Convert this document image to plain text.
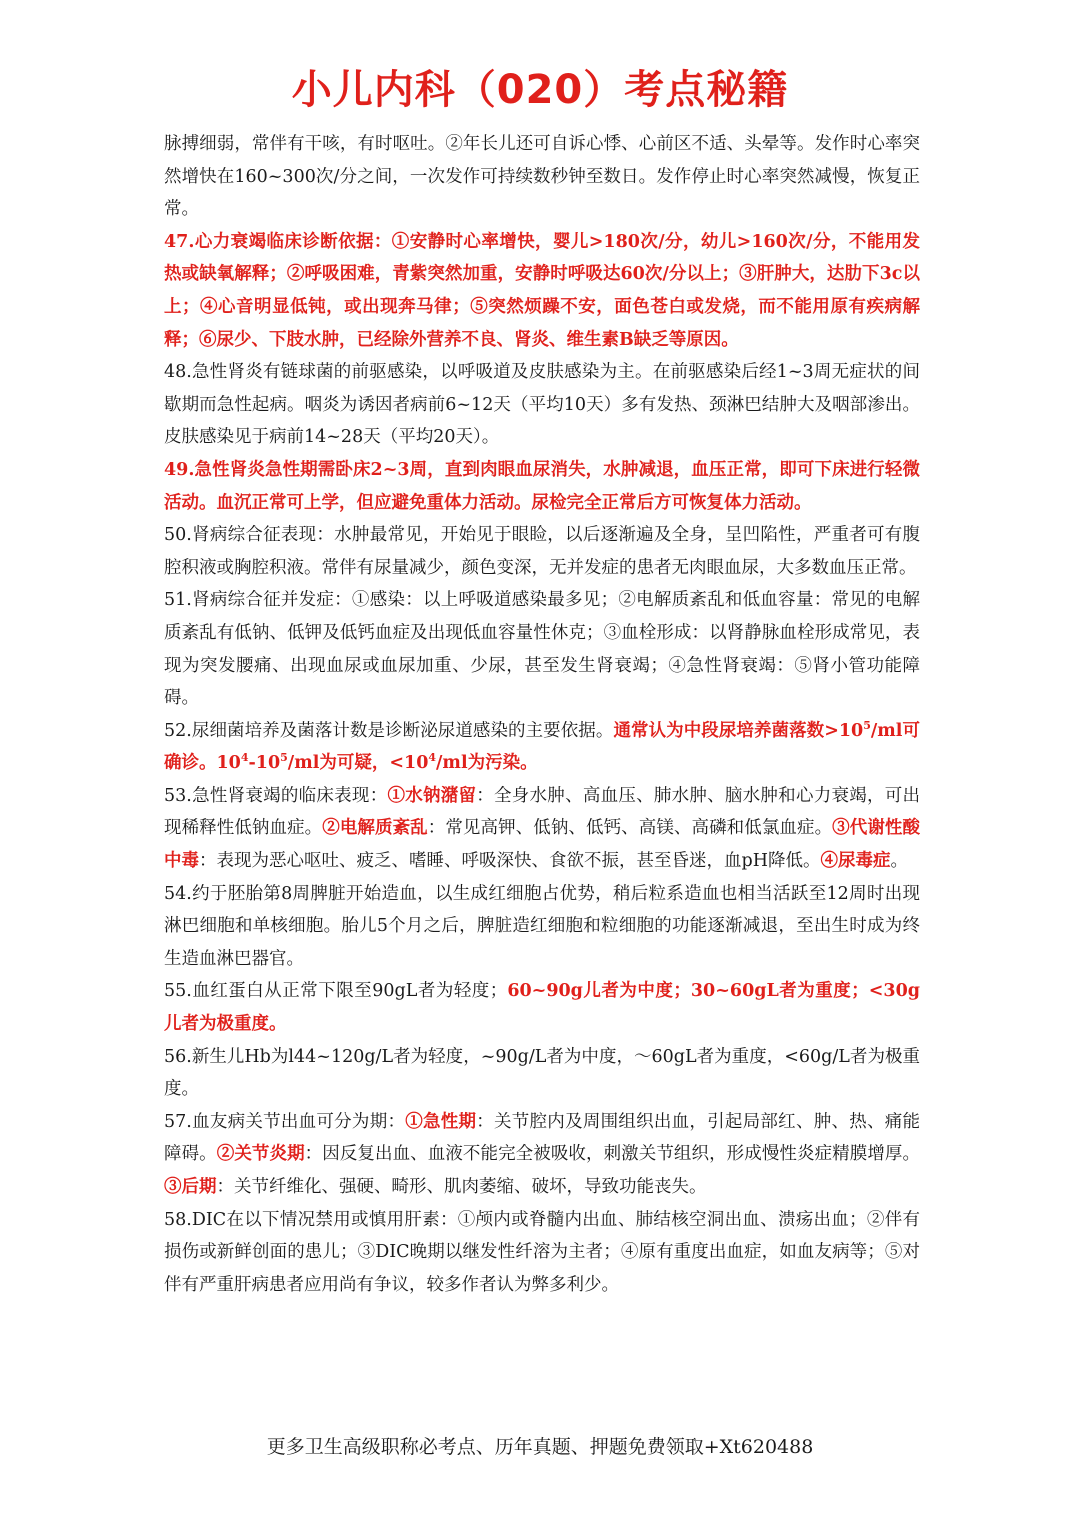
小儿内科（020）考点秘籍

脉搏细弱，常伴有干咳，有时呕吐。②年长儿还可自诉心悸、心前区不适、头晕等。发作时心率突然增快在160~300次/分之间，一次发作可持续数秒钟至数日。发作停止时心率突然减慢，恢复正常。

47.心力衰竭临床诊断依据：①安静时心率增快，婴儿>180次/分，幼儿>160次/分，不能用发热或缺氧解释；②呼吸困难，青紫突然加重，安静时呼吸达60次/分以上；③肝肿大，达肋下3c以上；④心音明显低钝，或出现奔马律；⑤突然烦躁不安，面色苍白或发烧，而不能用原有疾病解释；⑥尿少、下肢水肿，已经除外营养不良、肾炎、维生素B缺乏等原因。

48.急性肾炎有链球菌的前驱感染，以呼吸道及皮肤感染为主。在前驱感染后经1~3周无症状的间歇期而急性起病。咽炎为诱因者病前6~12天（平均10天）多有发热、颈淋巴结肿大及咽部渗出。皮肤感染见于病前14~28天（平均20天）。

49.急性肾炎急性期需卧床2~3周，直到肉眼血尿消失，水肿减退，血压正常，即可下床进行轻微活动。血沉正常可上学，但应避免重体力活动。尿检完全正常后方可恢复体力活动。

50.肾病综合征表现：水肿最常见，开始见于眼睑，以后逐渐遍及全身，呈凹陷性，严重者可有腹腔积液或胸腔积液。常伴有尿量减少，颜色变深，无并发症的患者无肉眼血尿，大多数血压正常。

51.肾病综合征并发症：①感染：以上呼吸道感染最多见；②电解质紊乱和低血容量：常见的电解质紊乱有低钠、低钾及低钙血症及出现低血容量性休克；③血栓形成：以肾静脉血栓形成常见，表现为突发腰痛、出现血尿或血尿加重、少尿，甚至发生肾衰竭；④急性肾衰竭：⑤肾小管功能障碍。

52.尿细菌培养及菌落计数是诊断泌尿道感染的主要依据。通常认为中段尿培养菌落数$>10^5/ml$可确诊。$10^4-10^5/ml$为可疑，$<10^4/ml$为污染。

53.急性肾衰竭的临床表现：①水钠潴留：全身水肿、高血压、肺水肿、脑水肿和心力衰竭，可出现稀释性低钠血症。②电解质紊乱：常见高钾、低钠、低钙、高镁、高磷和低氯血症。③代谢性酸中毒：表现为恶心呕吐、疲乏、嗜睡、呼吸深快、食欲不振，甚至昏迷，血pH降低。④尿毒症。

54.约于胚胎第8周脾脏开始造血，以生成红细胞占优势，稍后粒系造血也相当活跃至12周时出现淋巴细胞和单核细胞。胎儿5个月之后，脾脏造红细胞和粒细胞的功能逐渐减退，至出生时成为终生造血淋巴器官。

55.血红蛋白从正常下限至90gL者为轻度；60~90g儿者为中度；30~60gL者为重度；<30g儿者为极重度。

56.新生儿Hb为l44~120g/L者为轻度，~90g/L者为中度，～60gL者为重度，<60g/L者为极重度。

57.血友病关节出血可分为期：①急性期：关节腔内及周围组织出血，引起局部红、肿、热、痛能障碍。②关节炎期：因反复出血、血液不能完全被吸收，刺激关节组织，形成慢性炎症精膜增厚。③后期：关节纤维化、强硬、畸形、肌肉萎缩、破坏，导致功能丧失。

58.DIC在以下情况禁用或慎用肝素：①颅内或脊髓内出血、肺结核空洞出血、溃疡出血；②伴有损伤或新鲜创面的患儿；③DIC晚期以继发性纤溶为主者；④原有重度出血症，如血友病等；⑤对伴有严重肝病患者应用尚有争议，较多作者认为弊多利少。

更多卫生高级职称必考点、历年真题、押题免费领取+Xt620488
